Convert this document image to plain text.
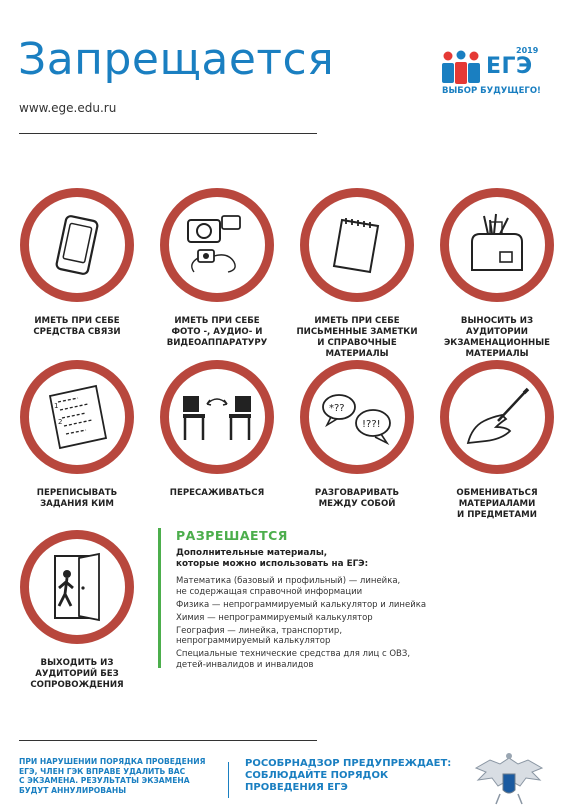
Запрещается
www.ege.edu.ru
2019
ЕГЭ
ВЫБОР БУДУЩЕГО!
ИМЕТЬ ПРИ СЕБЕ
СРЕДСТВА СВЯЗИ
ИМЕТЬ ПРИ СЕБЕ
ФОТО -, АУДИО- И
ВИДЕОАППАРАТУРУ
ИМЕТЬ ПРИ СЕБЕ
ПИСЬМЕННЫЕ ЗАМЕТКИ
И СПРАВОЧНЫЕ
МАТЕРИАЛЫ
ВЫНОСИТЬ ИЗ
АУДИТОРИИ
ЭКЗАМЕНАЦИОННЫЕ
МАТЕРИАЛЫ
1
2
ПЕРЕПИСЫВАТЬ
ЗАДАНИЯ КИМ
ПЕРЕСАЖИВАТЬСЯ
*??
!??!
РАЗГОВАРИВАТЬ
МЕЖДУ СОБОЙ
ОБМЕНИВАТЬСЯ
МАТЕРИАЛАМИ
И ПРЕДМЕТАМИ
ВЫХОДИТЬ ИЗ
АУДИТОРИЙ БЕЗ
СОПРОВОЖДЕНИЯ
РАЗРЕШАЕТСЯ
Дополнительные материалы,
которые можно использовать на ЕГЭ:
Математика (базовый и профильный) — линейка,
не содержащая справочной информации
Физика — непрограммируемый калькулятор и линейка
Химия — непрограммируемый калькулятор
География — линейка, транспортир,
непрограммируемый калькулятор
Специальные технические средства для лиц с ОВЗ,
детей-инвалидов и инвалидов
ПРИ НАРУШЕНИИ ПОРЯДКА ПРОВЕДЕНИЯ
ЕГЭ, ЧЛЕН ГЭК ВПРАВЕ УДАЛИТЬ ВАС
С ЭКЗАМЕНА. РЕЗУЛЬТАТЫ ЭКЗАМЕНА
БУДУТ АННУЛИРОВАНЫ
РОСОБРНАДЗОР ПРЕДУПРЕЖДАЕТ:
СОБЛЮДАЙТЕ ПОРЯДОК
ПРОВЕДЕНИЯ ЕГЭ
